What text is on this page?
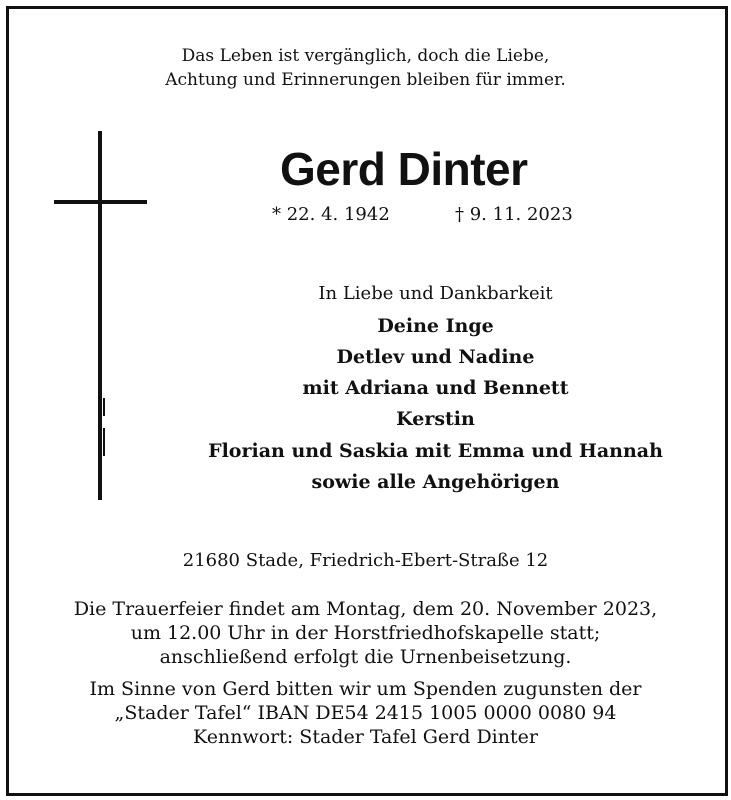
Das Leben ist vergänglich, doch die Liebe,
Achtung und Erinnerungen bleiben für immer.
Gerd Dinter
* 22. 4. 1942	† 9. 11. 2023
In Liebe und Dankbarkeit
Deine Inge
Detlev und Nadine
mit Adriana und Bennett
Kerstin
Florian und Saskia mit Emma und Hannah
sowie alle Angehörigen
21680 Stade, Friedrich-Ebert-Straße 12
Die Trauerfeier findet am Montag, dem 20. November 2023,
um 12.00 Uhr in der Horstfriedhofskapelle statt;
anschließend erfolgt die Urnenbeisetzung.
Im Sinne von Gerd bitten wir um Spenden zugunsten der
„Stader Tafel“ IBAN DE54 2415 1005 0000 0080 94
Kennwort: Stader Tafel Gerd Dinter
